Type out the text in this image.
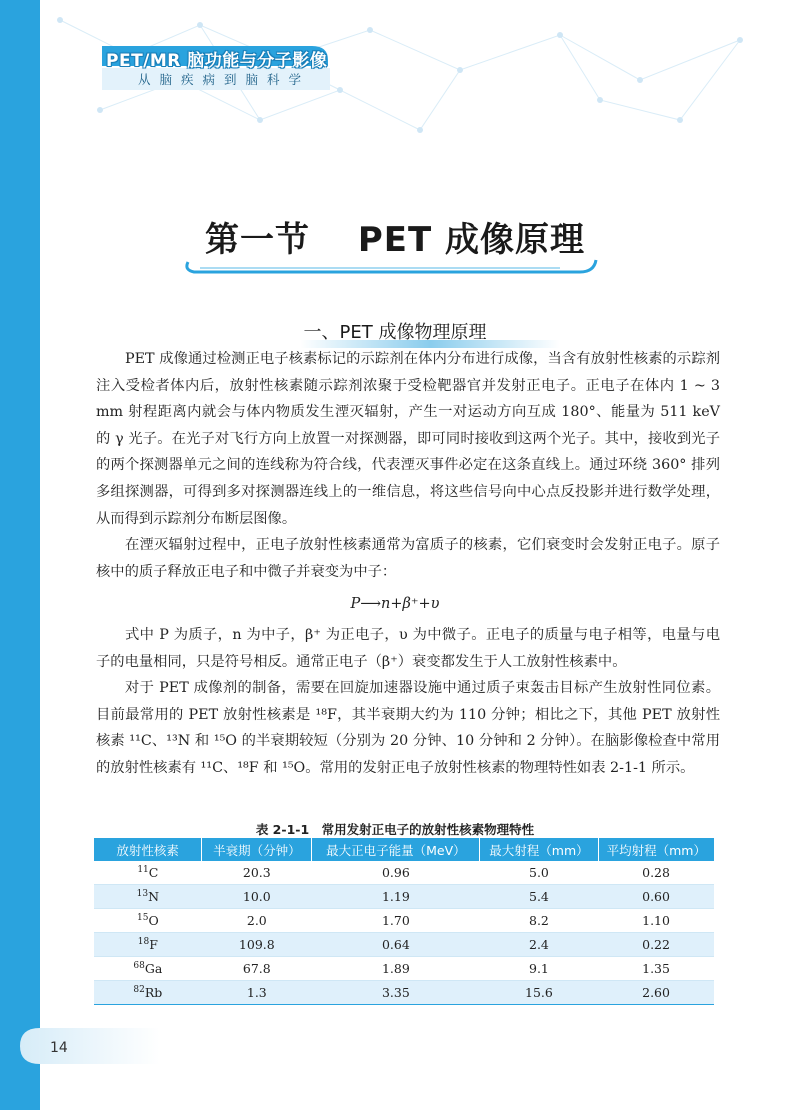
PET/MR 脑功能与分子影像
从脑疾病到脑科学
第一节　 PET 成像原理
一、PET 成像物理原理

PET 成像通过检测正电子核素标记的示踪剂在体内分布进行成像，当含有放射性核素的示踪剂注入受检者体内后，放射性核素随示踪剂浓聚于受检靶器官并发射正电子。正电子在体内 1 ~ 3 mm 射程距离内就会与体内物质发生湮灭辐射，产生一对运动方向互成 180°、能量为 511 keV 的 γ 光子。在光子对飞行方向上放置一对探测器，即可同时接收到这两个光子。其中，接收到光子的两个探测器单元之间的连线称为符合线，代表湮灭事件必定在这条直线上。通过环绕 360° 排列多组探测器，可得到多对探测器连线上的一维信息，将这些信号向中心点反投影并进行数学处理，从而得到示踪剂分布断层图像。

在湮灭辐射过程中，正电子放射性核素通常为富质子的核素，它们衰变时会发射正电子。原子核中的质子释放正电子和中微子并衰变为中子：

P⟶n+β⁺+υ

式中 P 为质子，n 为中子，β⁺ 为正电子，υ 为中微子。正电子的质量与电子相等，电量与电子的电量相同，只是符号相反。通常正电子（β⁺）衰变都发生于人工放射性核素中。

对于 PET 成像剂的制备，需要在回旋加速器设施中通过质子束轰击目标产生放射性同位素。目前最常用的 PET 放射性核素是 ¹⁸F，其半衰期大约为 110 分钟；相比之下，其他 PET 放射性核素 ¹¹C、¹³N 和 ¹⁵O 的半衰期较短（分别为 20 分钟、10 分钟和 2 分钟）。在脑影像检查中常用的放射性核素有 ¹¹C、¹⁸F 和 ¹⁵O。常用的发射正电子放射性核素的物理特性如表 2-1-1 所示。

表 2-1-1　常用发射正电子的放射性核素物理特性
放射性核素	半衰期（分钟）	最大正电子能量（MeV）	最大射程（mm）	平均射程（mm）
$^{11}$C	20.3	0.96	5.0	0.28
$^{13}$N	10.0	1.19	5.4	0.60
$^{15}$O	2.0	1.70	8.2	1.10
$^{18}$F	109.8	0.64	2.4	0.22
$^{68}$Ga	67.8	1.89	9.1	1.35
$^{82}$Rb	1.3	3.35	15.6	2.60
14
